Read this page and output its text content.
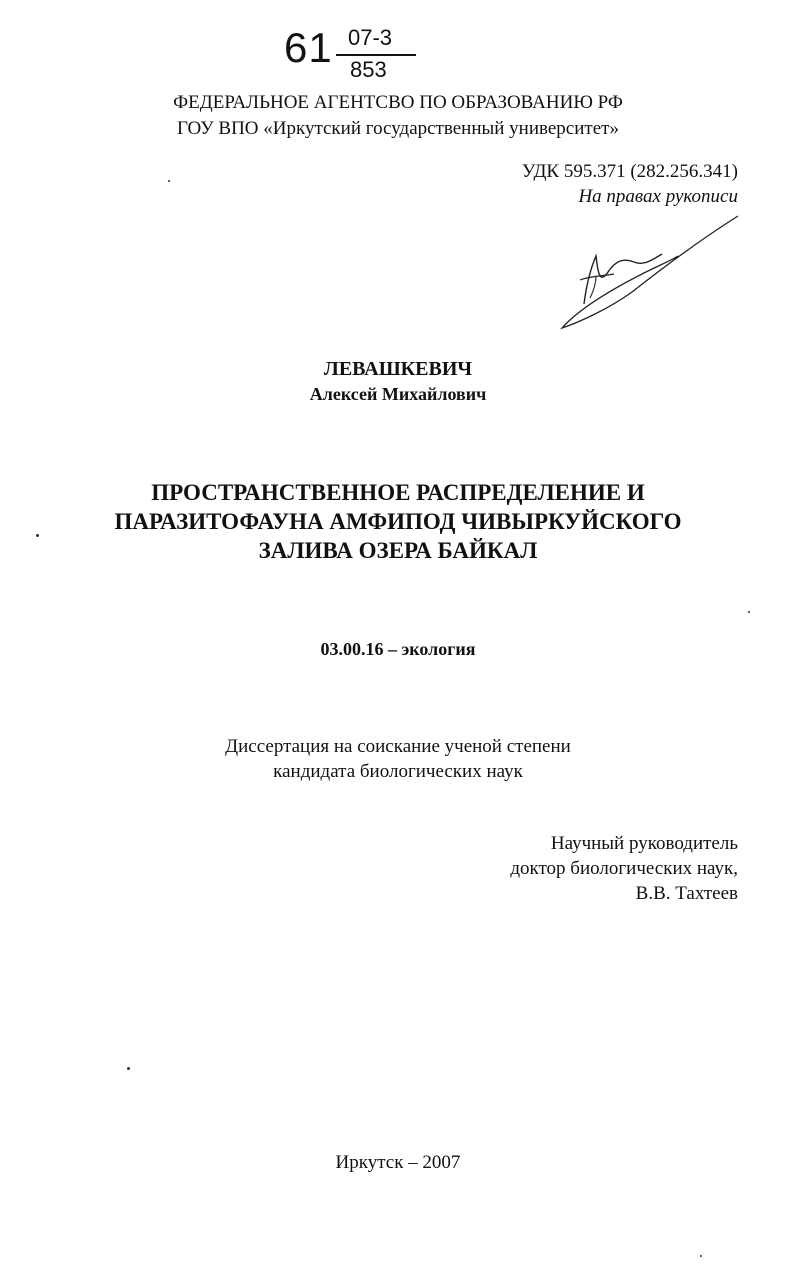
61 07-3
853
ФЕДЕРАЛЬНОЕ АГЕНТСВО ПО ОБРАЗОВАНИЮ РФ
ГОУ ВПО «Иркутский государственный университет»
УДК 595.371 (282.256.341)
На правах рукописи
ЛЕВАШКЕВИЧ
Алексей Михайлович
ПРОСТРАНСТВЕННОЕ РАСПРЕДЕЛЕНИЕ И
ПАРАЗИТОФАУНА АМФИПОД ЧИВЫРКУЙСКОГО
ЗАЛИВА ОЗЕРА БАЙКАЛ
03.00.16 – экология
Диссертация на соискание ученой степени
кандидата биологических наук
Научный руководитель
доктор биологических наук,
В.В. Тахтеев
Иркутск – 2007
